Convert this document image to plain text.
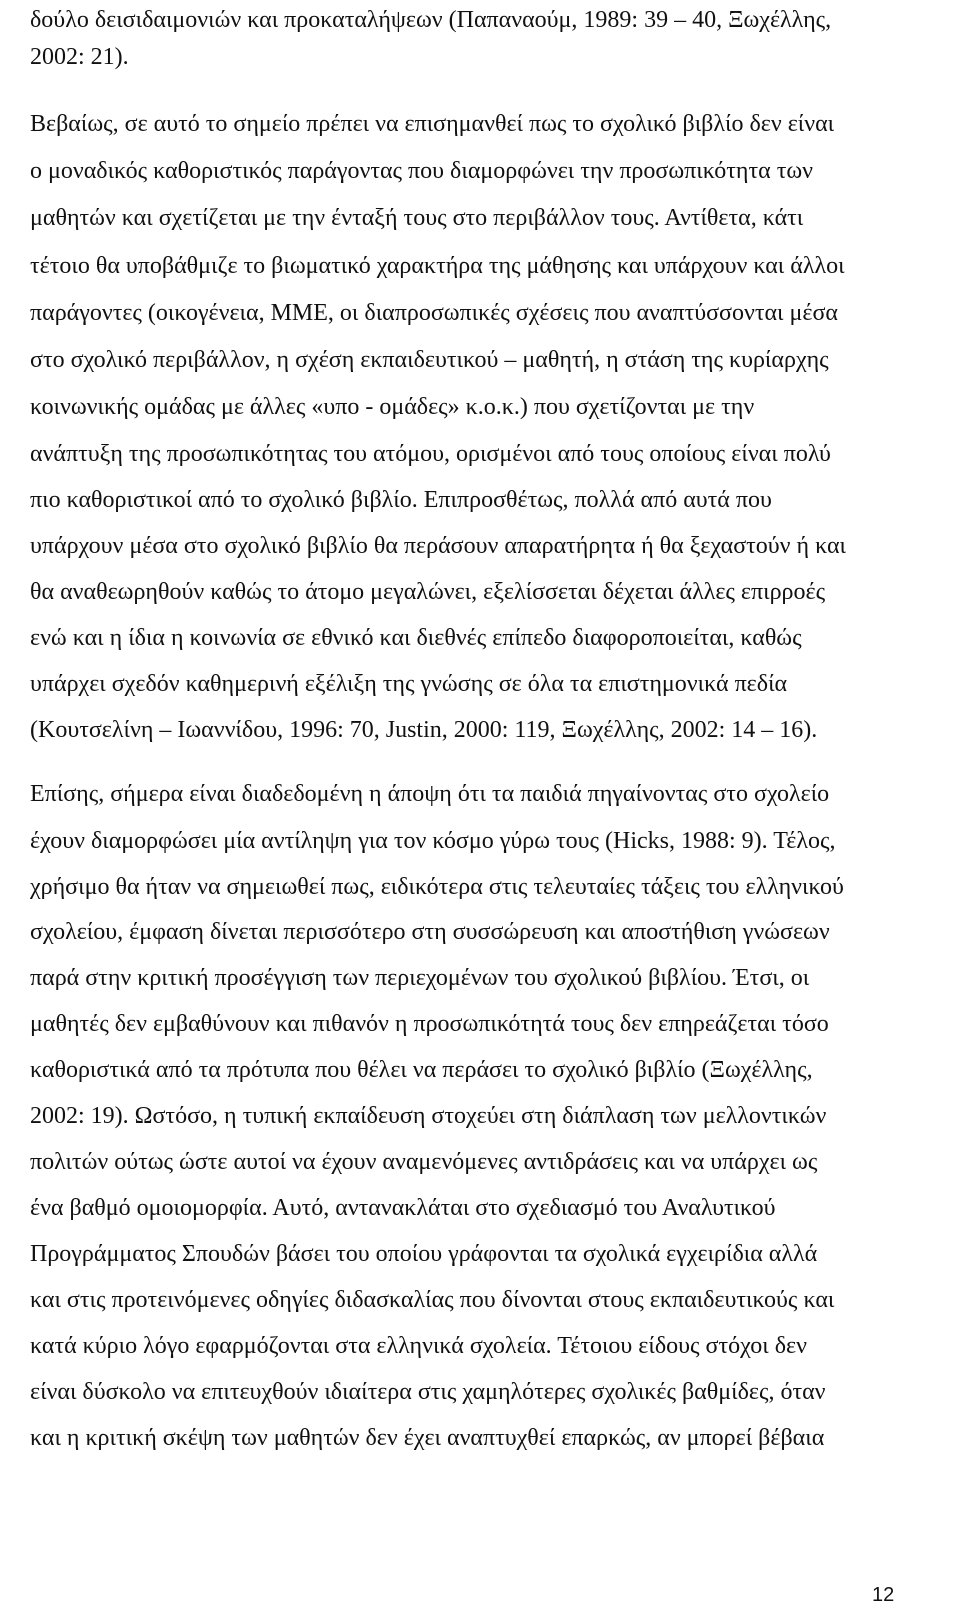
δούλο δεισιδαιμονιών και προκαταλήψεων (Παπαναούμ, 1989: 39 – 40, Ξωχέλλης,

2002: 21).

Βεβαίως, σε αυτό το σημείο πρέπει να επισημανθεί πως το σχολικό βιβλίο δεν είναι

ο μοναδικός καθοριστικός παράγοντας που διαμορφώνει την προσωπικότητα των

μαθητών και σχετίζεται με την ένταξή τους στο περιβάλλον τους. Αντίθετα, κάτι

τέτοιο θα υποβάθμιζε το βιωματικό χαρακτήρα της μάθησης και υπάρχουν και άλλοι

παράγοντες (οικογένεια, ΜΜΕ, οι διαπροσωπικές σχέσεις που αναπτύσσονται μέσα

στο σχολικό περιβάλλον, η σχέση εκπαιδευτικού – μαθητή, η στάση της κυρίαρχης

κοινωνικής ομάδας με άλλες «υπο - ομάδες» κ.ο.κ.) που σχετίζονται με την

ανάπτυξη της προσωπικότητας του ατόμου, ορισμένοι από τους οποίους είναι πολύ

πιο καθοριστικοί από το σχολικό βιβλίο. Επιπροσθέτως, πολλά από αυτά που

υπάρχουν μέσα στο σχολικό βιβλίο θα περάσουν απαρατήρητα ή θα ξεχαστούν ή και

θα αναθεωρηθούν καθώς το άτομο μεγαλώνει, εξελίσσεται δέχεται άλλες επιρροές

ενώ και η ίδια η κοινωνία σε εθνικό και διεθνές επίπεδο διαφοροποιείται, καθώς

υπάρχει σχεδόν καθημερινή εξέλιξη της γνώσης σε όλα τα επιστημονικά πεδία

(Κουτσελίνη – Ιωαννίδου, 1996: 70, Justin, 2000: 119, Ξωχέλλης, 2002: 14 – 16).

Επίσης, σήμερα είναι διαδεδομένη η άποψη ότι τα παιδιά πηγαίνοντας στο σχολείο

έχουν διαμορφώσει μία αντίληψη για τον κόσμο γύρω τους (Hicks, 1988: 9). Τέλος,

χρήσιμο θα ήταν να σημειωθεί πως, ειδικότερα στις τελευταίες τάξεις του ελληνικού

σχολείου, έμφαση δίνεται περισσότερο στη συσσώρευση και αποστήθιση γνώσεων

παρά στην κριτική προσέγγιση των περιεχομένων του σχολικού βιβλίου. Έτσι, οι

μαθητές δεν εμβαθύνουν και πιθανόν η προσωπικότητά τους δεν επηρεάζεται τόσο

καθοριστικά από τα πρότυπα που θέλει να περάσει το σχολικό βιβλίο (Ξωχέλλης,

2002: 19). Ωστόσο, η τυπική εκπαίδευση στοχεύει στη διάπλαση των μελλοντικών

πολιτών ούτως ώστε αυτοί να έχουν αναμενόμενες αντιδράσεις και να υπάρχει ως

ένα βαθμό ομοιομορφία. Αυτό, αντανακλάται στο σχεδιασμό του Αναλυτικού

Προγράμματος Σπουδών βάσει του οποίου γράφονται τα σχολικά εγχειρίδια αλλά

και στις προτεινόμενες οδηγίες διδασκαλίας που δίνονται στους εκπαιδευτικούς και

κατά κύριο λόγο εφαρμόζονται στα ελληνικά σχολεία. Τέτοιου είδους στόχοι δεν

είναι δύσκολο να επιτευχθούν ιδιαίτερα στις χαμηλότερες σχολικές βαθμίδες, όταν

και η κριτική σκέψη των μαθητών δεν έχει αναπτυχθεί επαρκώς, αν μπορεί βέβαια

12
